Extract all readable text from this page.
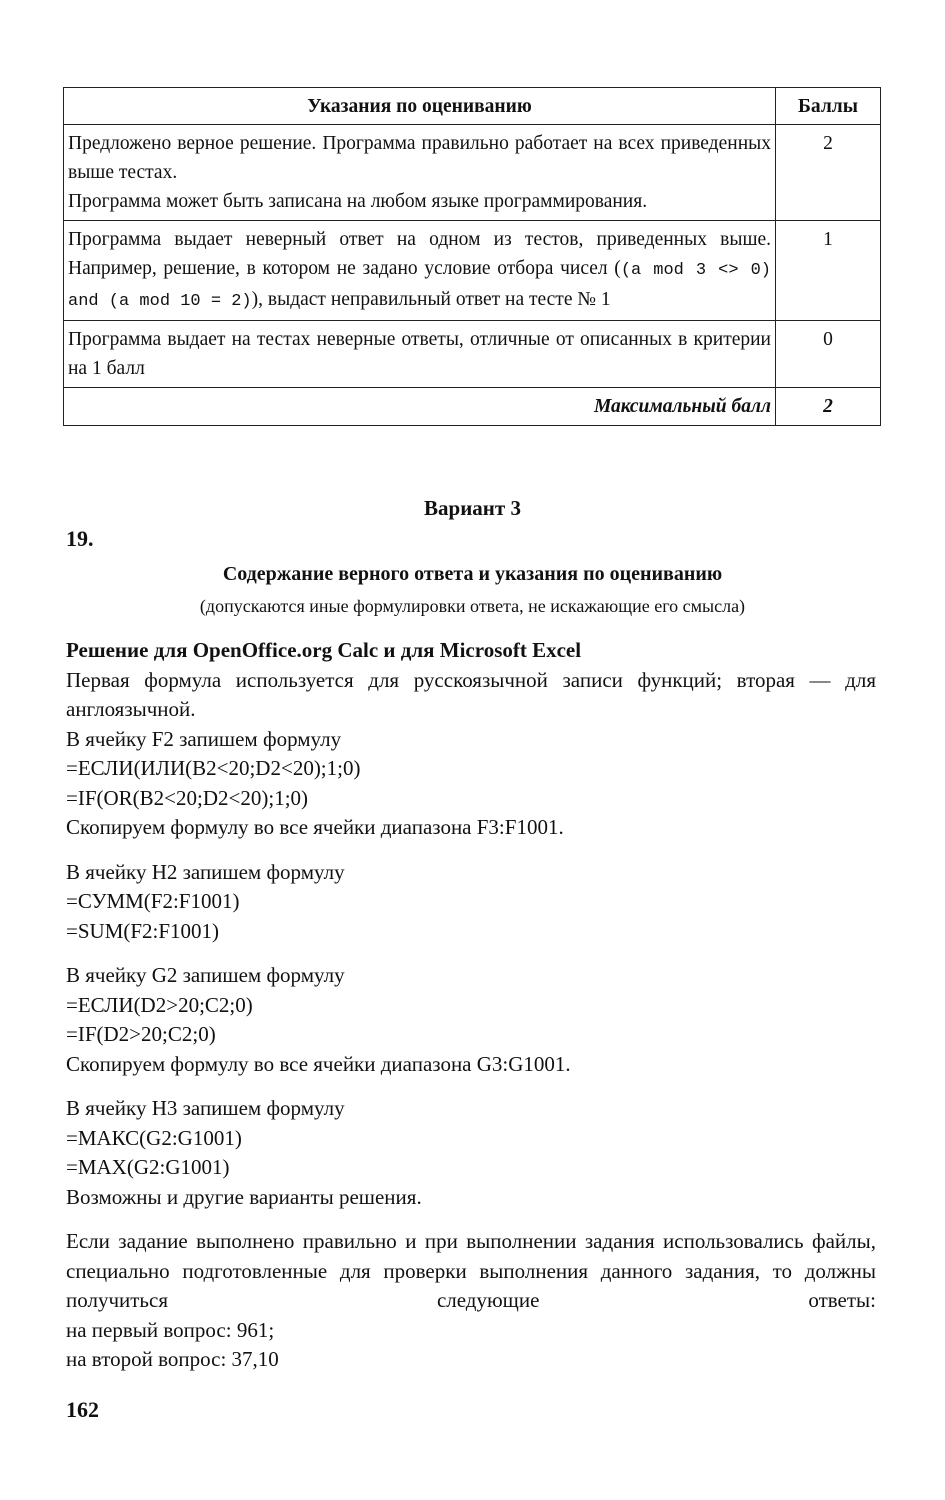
Указания по оцениванию	Баллы

Предложено верное решение. Программа правильно работает на всех приведенных выше тестах.
Программа может быть записана на любом языке программирования.	2
Программа выдает неверный ответ на одном из тестов, приведенных выше. Например, решение, в котором не задано условие отбора чисел ((a mod 3 <> 0) and (a mod 10 = 2)), выдаст неправильный ответ на тесте № 1	1
Программа выдает на тестах неверные ответы, отличные от описанных в критерии на 1 балл	0
Максимальный балл	2
Вариант 3
19.
Содержание верного ответа и указания по оцениванию
(допускаются иные формулировки ответа, не искажающие его смысла)
Решение для OpenOffice.org Calc и для Microsoft Excel
Первая формула используется для русскоязычной записи функций; вторая — для англоязычной.
В ячейку F2 запишем формулу
=ЕСЛИ(ИЛИ(B2<20;D2<20);1;0)
=IF(OR(B2<20;D2<20);1;0)
Скопируем формулу во все ячейки диапазона F3:F1001.
В ячейку H2 запишем формулу
=СУММ(F2:F1001)
=SUM(F2:F1001)
В ячейку G2 запишем формулу
=ЕСЛИ(D2>20;C2;0)
=IF(D2>20;C2;0)
Скопируем формулу во все ячейки диапазона G3:G1001.
В ячейку H3 запишем формулу
=МАКС(G2:G1001)
=MAX(G2:G1001)
Возможны и другие варианты решения.
Если задание выполнено правильно и при выполнении задания использовались файлы, специально подготовленные для проверки выполнения данного задания, то должны получиться следующие ответы:
на первый вопрос: 961;
на второй вопрос: 37,10
162
